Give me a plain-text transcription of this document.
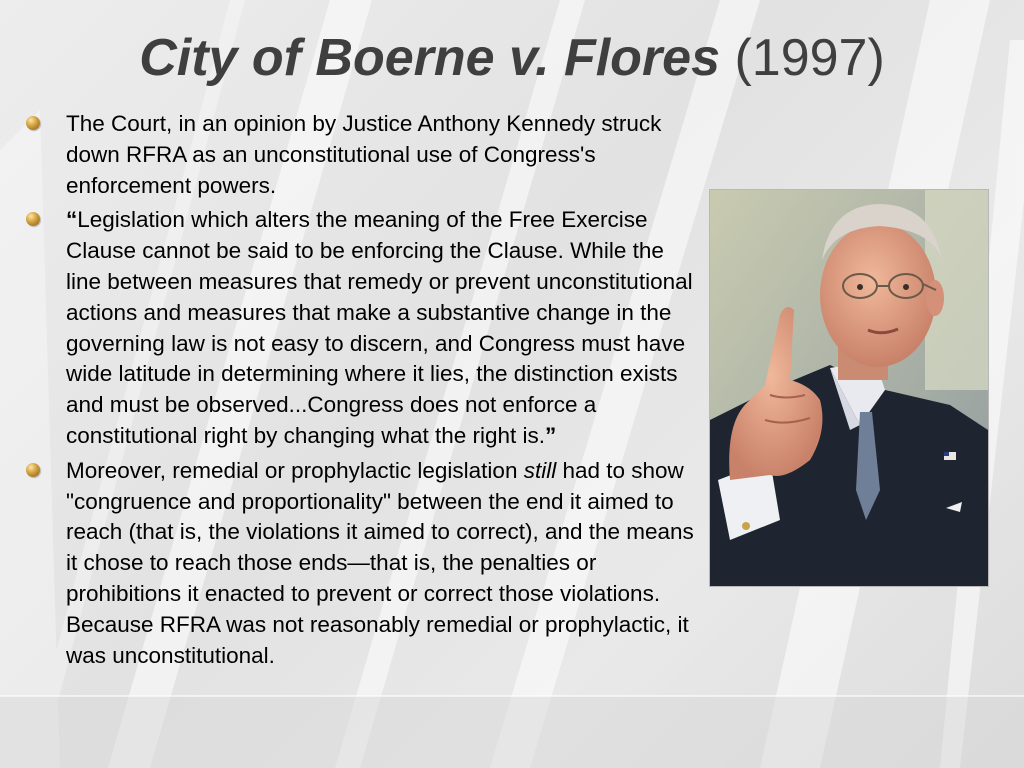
City of Boerne v. Flores (1997)
The Court, in an opinion by Justice Anthony Kennedy struck down RFRA as an unconstitutional use of Congress's enforcement powers.
“Legislation which alters the meaning of the Free Exercise Clause cannot be said to be enforcing the Clause. While the line between measures that remedy or prevent unconstitutional actions and measures that make a substantive change in the governing law is not easy to discern, and Congress must have wide latitude in determining where it lies, the distinction exists and must be observed...Congress does not enforce a constitutional right by changing what the right is.”
Moreover, remedial or prophylactic legislation still had to show "congruence and proportionality" between the end it aimed to reach (that is, the violations it aimed to correct), and the means it chose to reach those ends—that is, the penalties or prohibitions it enacted to prevent or correct those violations. Because RFRA was not reasonably remedial or prophylactic, it was unconstitutional.
